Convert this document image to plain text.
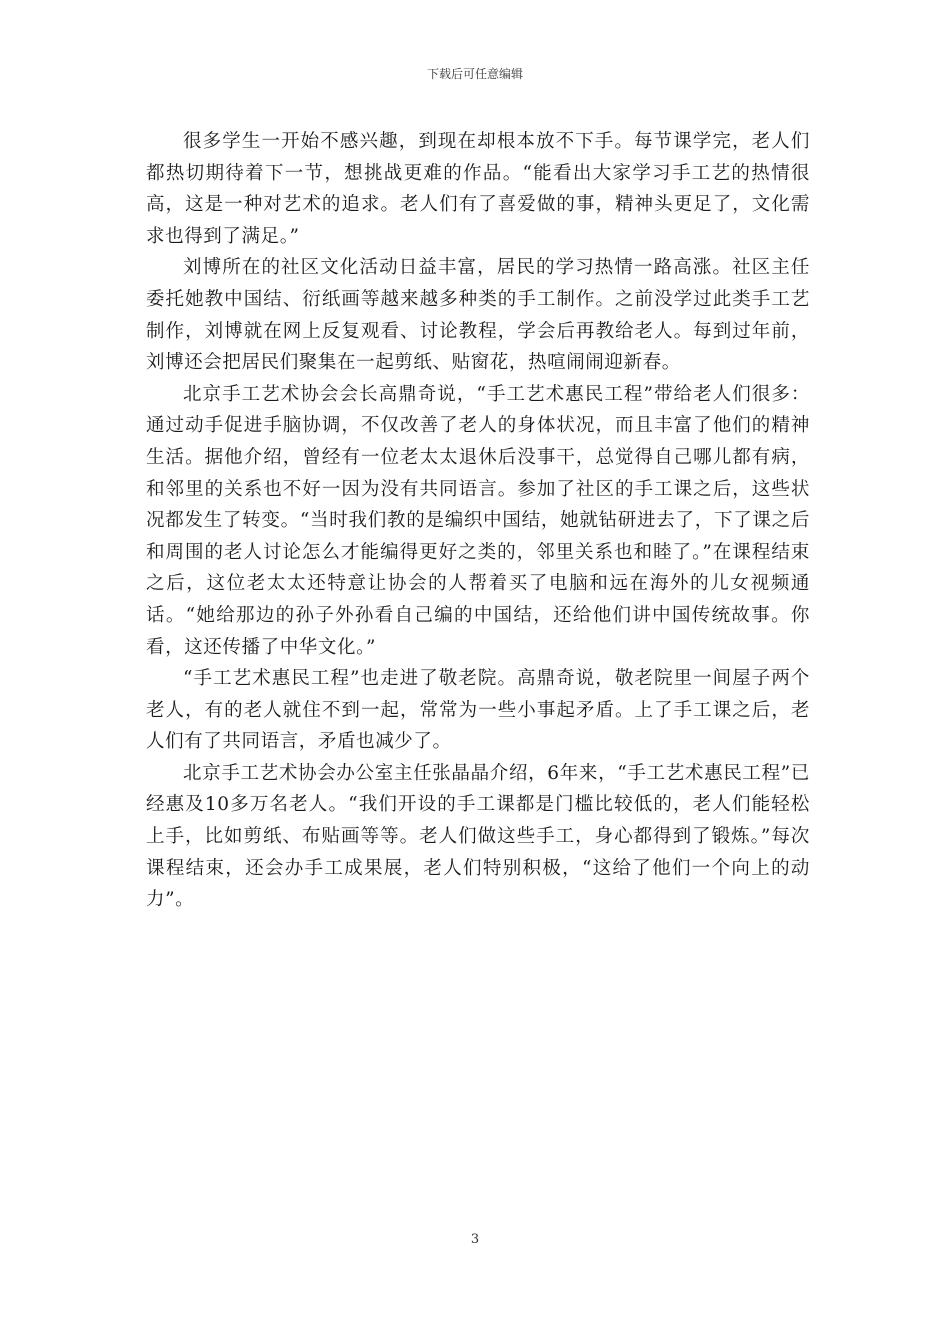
下载后可任意编辑

很多学生一开始不感兴趣，到现在却根本放不下手。每节课学完，老人们都热切期待着下一节，想挑战更难的作品。“能看出大家学习手工艺的热情很高，这是一种对艺术的追求。老人们有了喜爱做的事，精神头更足了，文化需求也得到了满足。”

刘博所在的社区文化活动日益丰富，居民的学习热情一路高涨。社区主任委托她教中国结、衍纸画等越来越多种类的手工制作。之前没学过此类手工艺制作，刘博就在网上反复观看、讨论教程，学会后再教给老人。每到过年前，刘博还会把居民们聚集在一起剪纸、贴窗花，热喧闹闹迎新春。

北京手工艺术协会会长高鼎奇说，“手工艺术惠民工程”带给老人们很多：通过动手促进手脑协调，不仅改善了老人的身体状况，而且丰富了他们的精神生活。据他介绍，曾经有一位老太太退休后没事干，总觉得自己哪儿都有病，和邻里的关系也不好一因为没有共同语言。参加了社区的手工课之后，这些状况都发生了转变。“当时我们教的是编织中国结，她就钻研进去了，下了课之后和周围的老人讨论怎么才能编得更好之类的，邻里关系也和睦了。”在课程结束之后，这位老太太还特意让协会的人帮着买了电脑和远在海外的儿女视频通话。“她给那边的孙子外孙看自己编的中国结，还给他们讲中国传统故事。你看，这还传播了中华文化。”

“手工艺术惠民工程”也走进了敬老院。高鼎奇说，敬老院里一间屋子两个老人，有的老人就住不到一起，常常为一些小事起矛盾。上了手工课之后，老人们有了共同语言，矛盾也减少了。

北京手工艺术协会办公室主任张晶晶介绍，6年来，“手工艺术惠民工程”已经惠及10多万名老人。“我们开设的手工课都是门槛比较低的，老人们能轻松上手，比如剪纸、布贴画等等。老人们做这些手工，身心都得到了锻炼。”每次课程结束，还会办手工成果展，老人们特别积极，“这给了他们一个向上的动力”。

3
